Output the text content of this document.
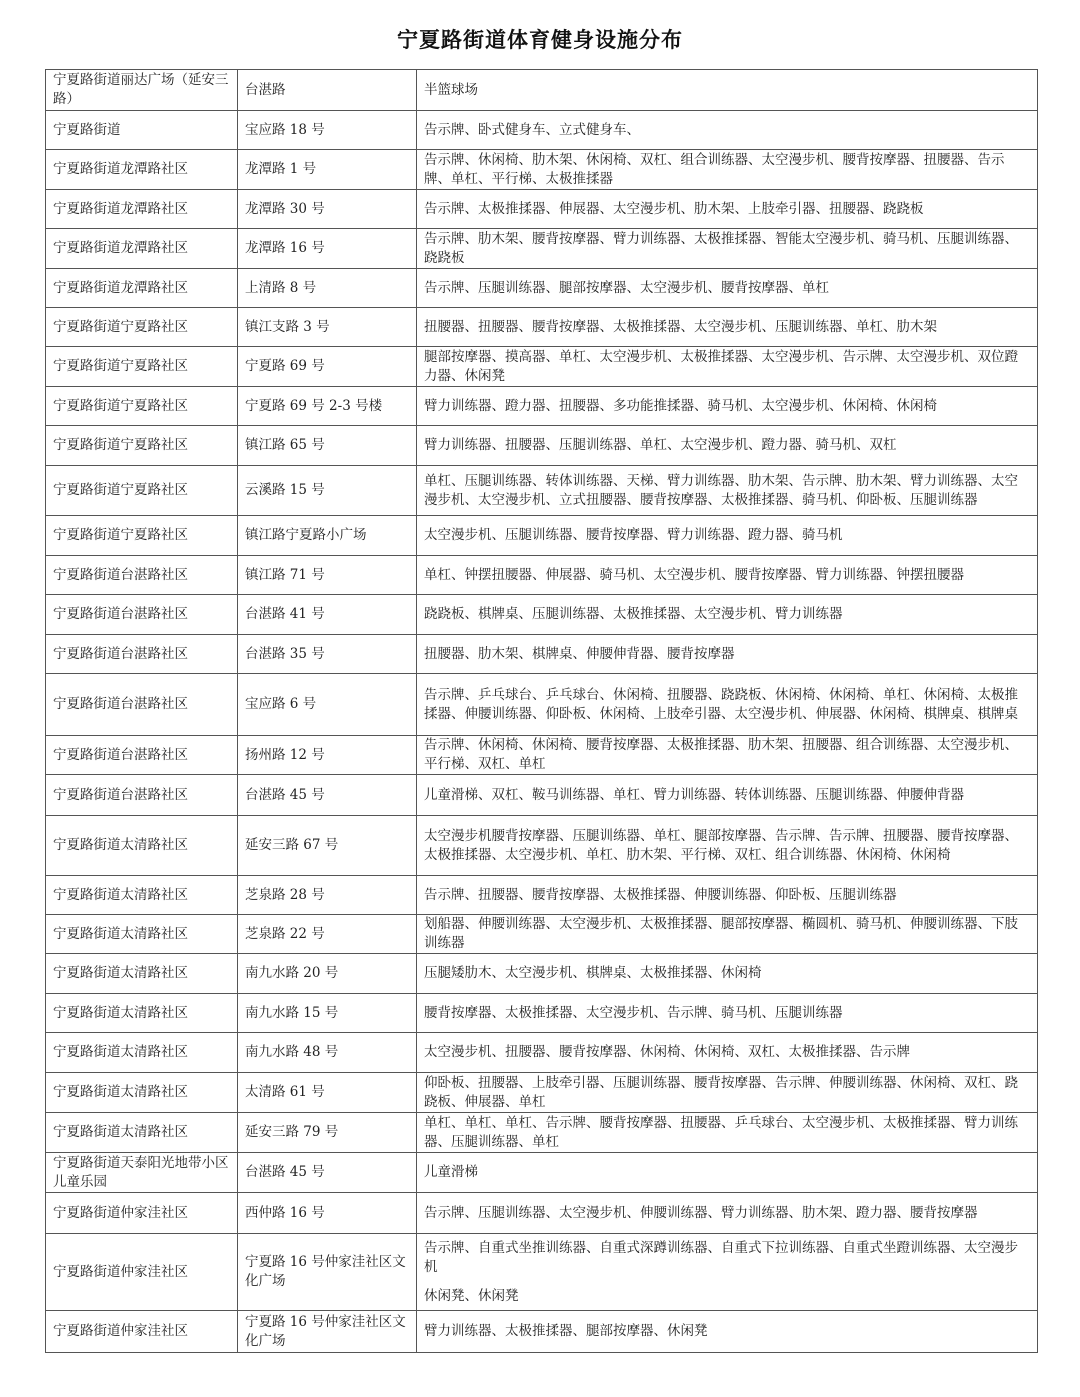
宁夏路街道体育健身设施分布
宁夏路街道丽达广场（延安三路）	台湛路	半篮球场
宁夏路街道	宝应路 18 号	告示牌、卧式健身车、立式健身车、
宁夏路街道龙潭路社区	龙潭路 1 号	告示牌、休闲椅、肋木架、休闲椅、双杠、组合训练器、太空漫步机、腰背按摩器、扭腰器、告示牌、单杠、平行梯、太极推揉器
宁夏路街道龙潭路社区	龙潭路 30 号	告示牌、太极推揉器、伸展器、太空漫步机、肋木架、上肢牵引器、扭腰器、跷跷板
宁夏路街道龙潭路社区	龙潭路 16 号	告示牌、肋木架、腰背按摩器、臂力训练器、太极推揉器、智能太空漫步机、骑马机、压腿训练器、跷跷板
宁夏路街道龙潭路社区	上清路 8 号	告示牌、压腿训练器、腿部按摩器、太空漫步机、腰背按摩器、单杠
宁夏路街道宁夏路社区	镇江支路 3 号	扭腰器、扭腰器、腰背按摩器、太极推揉器、太空漫步机、压腿训练器、单杠、肋木架
宁夏路街道宁夏路社区	宁夏路 69 号	腿部按摩器、摸高器、单杠、太空漫步机、太极推揉器、太空漫步机、告示牌、太空漫步机、双位蹬力器、休闲凳
宁夏路街道宁夏路社区	宁夏路 69 号 2-3 号楼	臂力训练器、蹬力器、扭腰器、多功能推揉器、骑马机、太空漫步机、休闲椅、休闲椅
宁夏路街道宁夏路社区	镇江路 65 号	臂力训练器、扭腰器、压腿训练器、单杠、太空漫步机、蹬力器、骑马机、双杠
宁夏路街道宁夏路社区	云溪路 15 号	单杠、压腿训练器、转体训练器、天梯、臂力训练器、肋木架、告示牌、肋木架、臂力训练器、太空漫步机、太空漫步机、立式扭腰器、腰背按摩器、太极推揉器、骑马机、仰卧板、压腿训练器
宁夏路街道宁夏路社区	镇江路宁夏路小广场	太空漫步机、压腿训练器、腰背按摩器、臂力训练器、蹬力器、骑马机
宁夏路街道台湛路社区	镇江路 71 号	单杠、钟摆扭腰器、伸展器、骑马机、太空漫步机、腰背按摩器、臂力训练器、钟摆扭腰器
宁夏路街道台湛路社区	台湛路 41 号	跷跷板、棋牌桌、压腿训练器、太极推揉器、太空漫步机、臂力训练器
宁夏路街道台湛路社区	台湛路 35 号	扭腰器、肋木架、棋牌桌、伸腰伸背器、腰背按摩器
宁夏路街道台湛路社区	宝应路 6 号	告示牌、乒乓球台、乒乓球台、休闲椅、扭腰器、跷跷板、休闲椅、休闲椅、单杠、休闲椅、太极推揉器、伸腰训练器、仰卧板、休闲椅、上肢牵引器、太空漫步机、伸展器、休闲椅、棋牌桌、棋牌桌
宁夏路街道台湛路社区	扬州路 12 号	告示牌、休闲椅、休闲椅、腰背按摩器、太极推揉器、肋木架、扭腰器、组合训练器、太空漫步机、平行梯、双杠、单杠
宁夏路街道台湛路社区	台湛路 45 号	儿童滑梯、双杠、鞍马训练器、单杠、臂力训练器、转体训练器、压腿训练器、伸腰伸背器
宁夏路街道太清路社区	延安三路 67 号	太空漫步机腰背按摩器、压腿训练器、单杠、腿部按摩器、告示牌、告示牌、扭腰器、腰背按摩器、太极推揉器、太空漫步机、单杠、肋木架、平行梯、双杠、组合训练器、休闲椅、休闲椅
宁夏路街道太清路社区	芝泉路 28 号	告示牌、扭腰器、腰背按摩器、太极推揉器、伸腰训练器、仰卧板、压腿训练器
宁夏路街道太清路社区	芝泉路 22 号	划船器、伸腰训练器、太空漫步机、太极推揉器、腿部按摩器、椭圆机、骑马机、伸腰训练器、下肢训练器
宁夏路街道太清路社区	南九水路 20 号	压腿矮肋木、太空漫步机、棋牌桌、太极推揉器、休闲椅
宁夏路街道太清路社区	南九水路 15 号	腰背按摩器、太极推揉器、太空漫步机、告示牌、骑马机、压腿训练器
宁夏路街道太清路社区	南九水路 48 号	太空漫步机、扭腰器、腰背按摩器、休闲椅、休闲椅、双杠、太极推揉器、告示牌
宁夏路街道太清路社区	太清路 61 号	仰卧板、扭腰器、上肢牵引器、压腿训练器、腰背按摩器、告示牌、伸腰训练器、休闲椅、双杠、跷跷板、伸展器、单杠
宁夏路街道太清路社区	延安三路 79 号	单杠、单杠、单杠、告示牌、腰背按摩器、扭腰器、乒乓球台、太空漫步机、太极推揉器、臂力训练器、压腿训练器、单杠
宁夏路街道天泰阳光地带小区儿童乐园	台湛路 45 号	儿童滑梯
宁夏路街道仲家洼社区	西仲路 16 号	告示牌、压腿训练器、太空漫步机、伸腰训练器、臂力训练器、肋木架、蹬力器、腰背按摩器
宁夏路街道仲家洼社区	宁夏路 16 号仲家洼社区文化广场	告示牌、自重式坐推训练器、自重式深蹲训练器、自重式下拉训练器、自重式坐蹬训练器、太空漫步机
休闲凳、休闲凳

宁夏路街道仲家洼社区	宁夏路 16 号仲家洼社区文化广场	臂力训练器、太极推揉器、腿部按摩器、休闲凳
